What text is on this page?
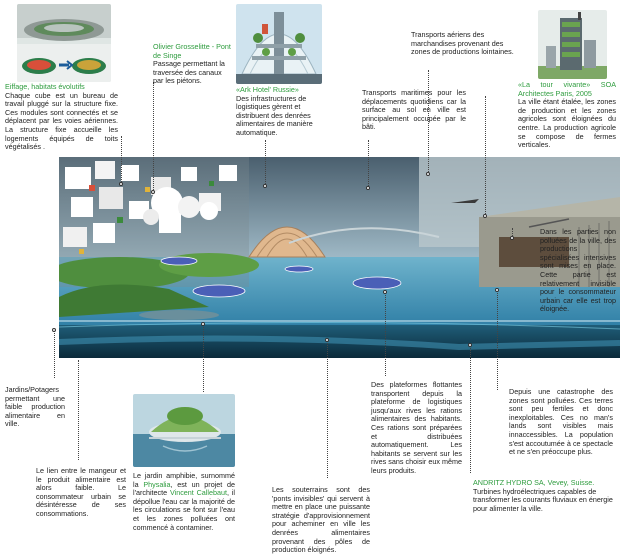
Eiffage, habitats évolutifs
Chaque cube est un bureau de travail pluggé sur la structure fixe. Ces modules sont connectés et se déplacent par les voies aériennes. La structure fixe accueille les logements équipés de toits végétalisés .
Olivier Grosselitte - Pont de Singe
Passage permettant la traversée des canaux par les piétons.
«Ark Hotel' Russie»
Des infrastructures de logistiques gèrent et distribuent des denrées alimentaires de manière automatique.
Transports maritimes pour les déplacements quotidiens car la surface au sol en ville est principalement occupée par le bâti.
Transports aériens des marchandises provenant des zones de productions lointaines.
«La tour vivante» SOA Architectes Paris, 2005
La ville étant étalée, les zones de production et les zones agricoles sont éloignées du centre. La production agricole se compose de fermes verticales.
Dans les parties non polluées de la ville, des productions spécialisées intensives sont mises en place. Cette partie est relativement invisible pour le consommateur urbain car elle est trop éloignée.
Jardins/Potagers permettant une faible production alimentaire en ville.
Le lien entre le mangeur et le produit alimentaire est alors faible. Le consommateur urbain se désintéresse de ses consommations.
Le jardin amphibie, surnommé la Physalia, est un projet de l'architecte Vincent Callebaut, il dépollue l'eau car la majorité de les circulations se font sur l'eau et les zones polluées ont commencé à contaminer.
Les souterrains sont des 'ponts invisibles' qui servent à mettre en place une puissante stratégie d'approvisionnement pour acheminer en ville les denrées alimentaires provenant des pôles de production éloignés.
Des plateformes flottantes transportent depuis la plateforme de logistiques jusqu'aux rives les rations alimentaires des habitants. Ces rations sont préparées et distribuées automatiquement. Les habitants se servent sur les rives sans choisir eux même leurs produits.
Depuis une catastrophe des zones sont polluées. Ces terres sont peu fertiles et donc inexploitables. Ces no man's lands sont visibles mais innaccessibles. La population s'est accoutumée à ce spectacle et ne s'en préoccupe plus.
ANDRITZ HYDRO SA, Vevey, Suisse.
Turbines hydroélectriques capables de transformer les courants fluviaux en énergie pour alimenter la ville.
